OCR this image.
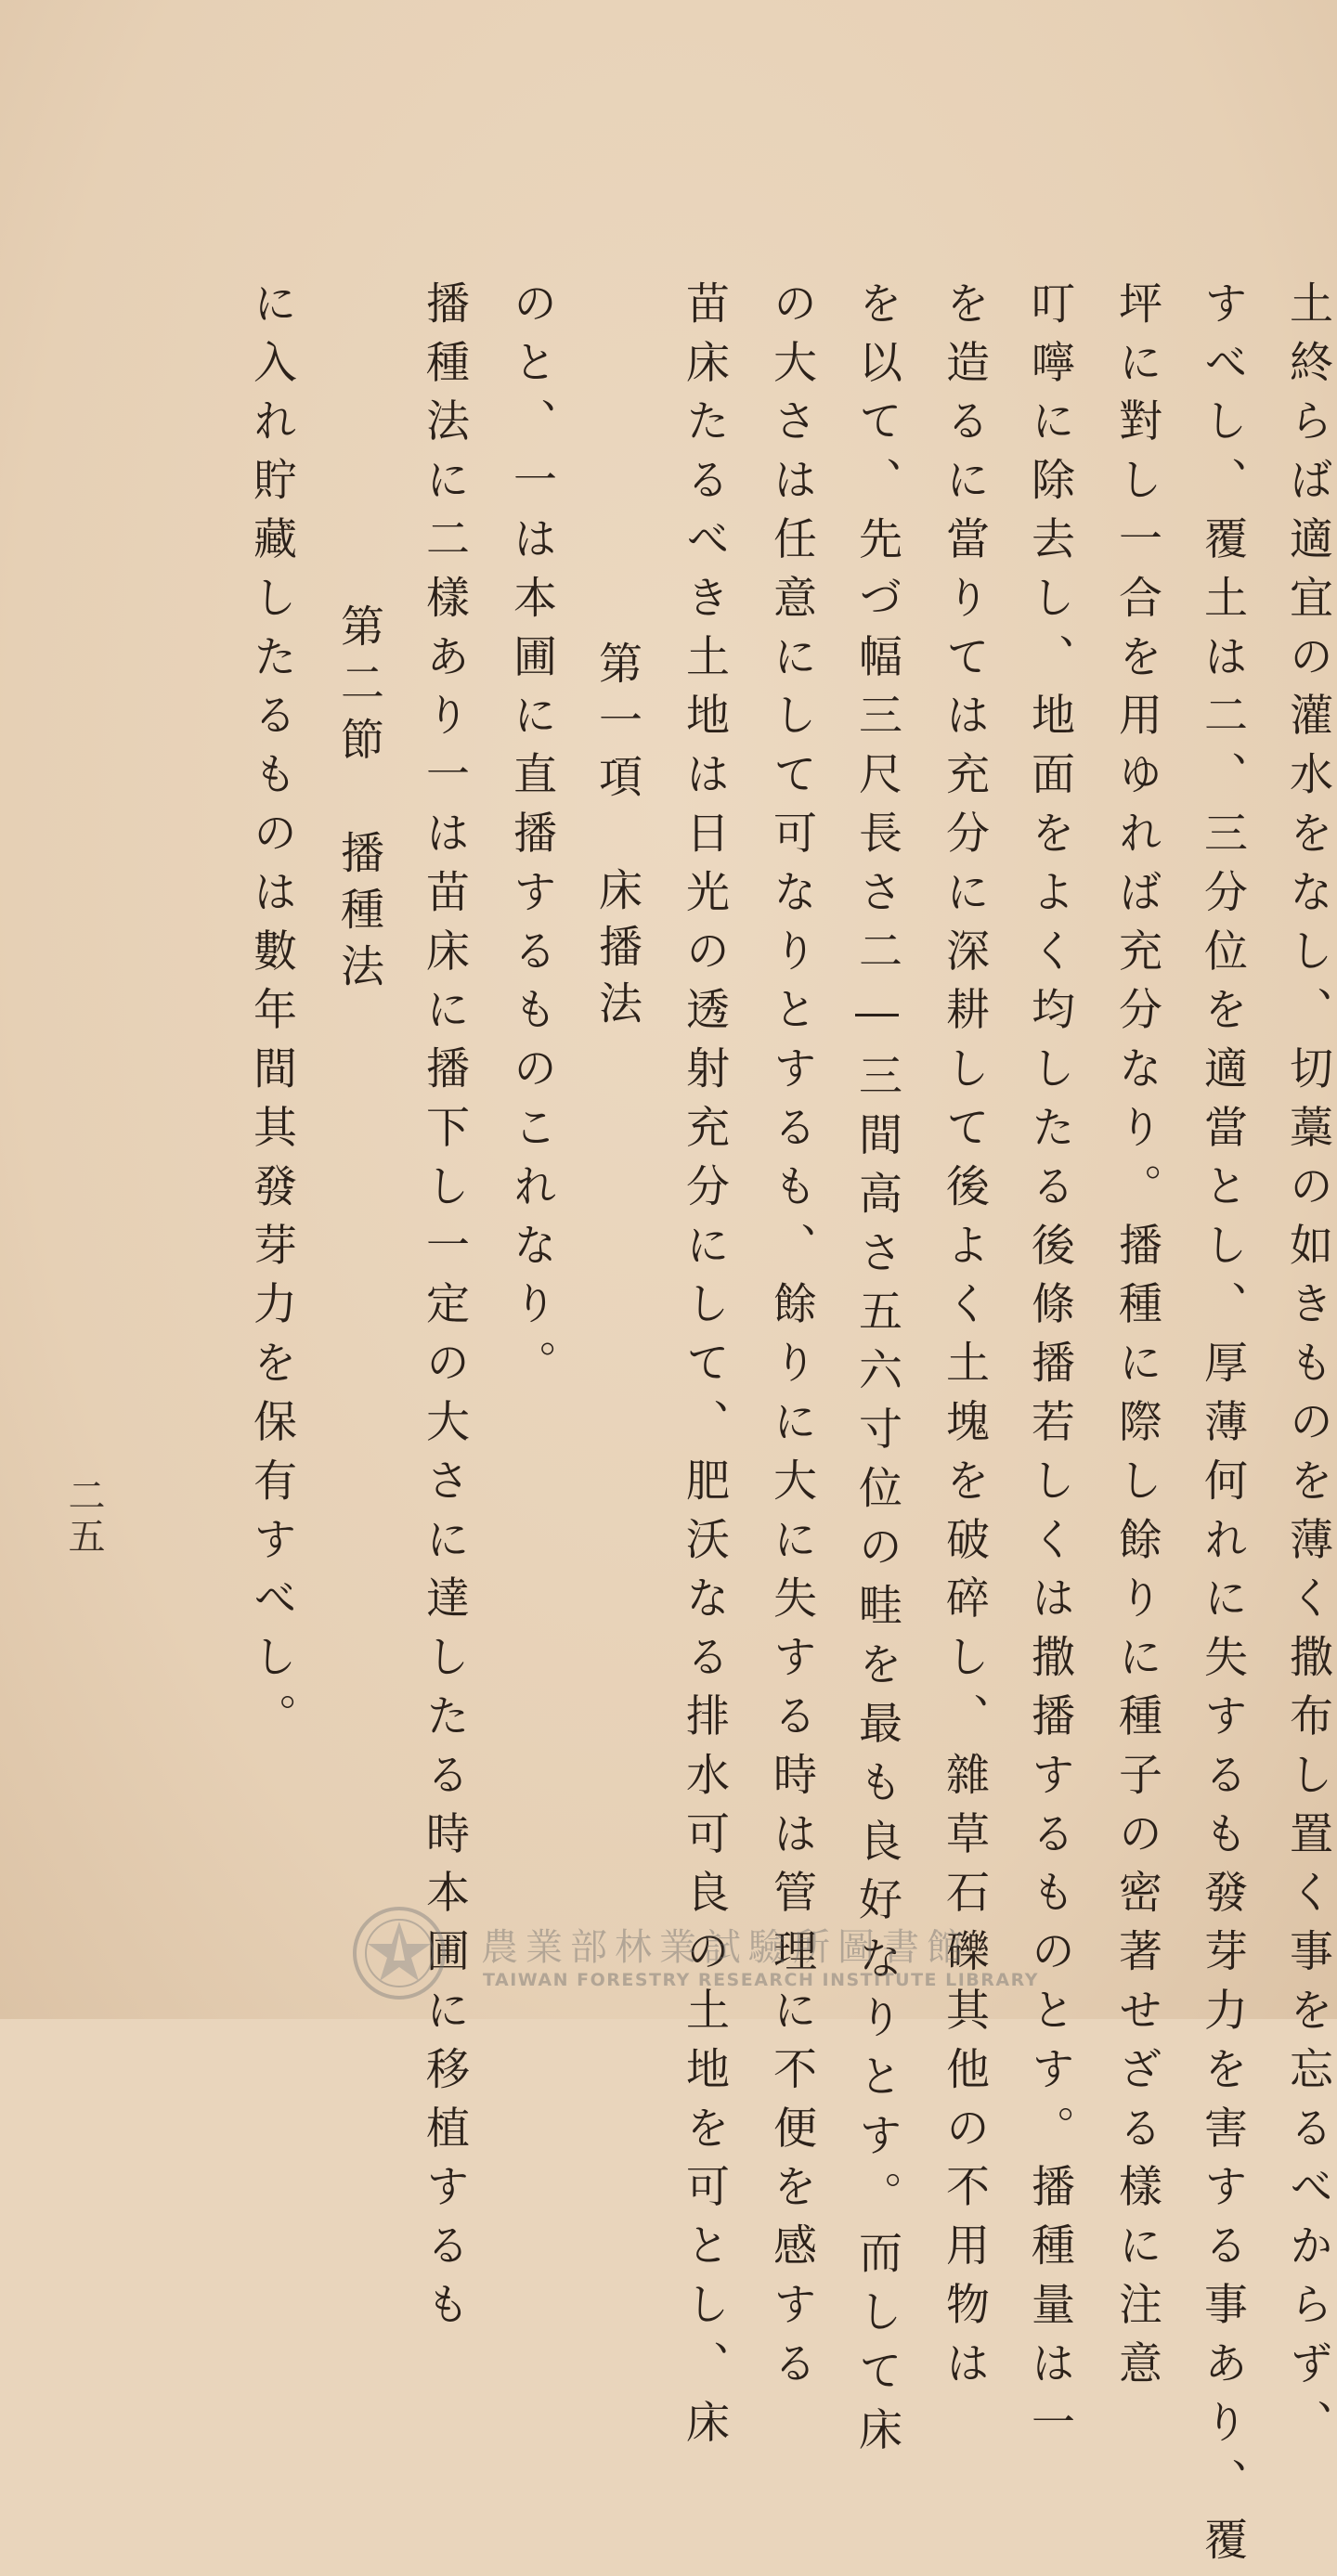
に入れ貯藏したるものは數年間其發芽力を保有すべし。 第二節　播種法 播種法に二樣あり一は苗床に播下し一定の大さに達したる時本圃に移植するも のと、一は本圃に直播するものこれなり。 第一項　床播法 苗床たるべき土地は日光の透射充分にして、肥沃なる排水可良の土地を可とし、床 の大さは任意にして可なりとするも、餘りに大に失する時は管理に不便を感する を以て、先づ幅三尺長さ二―三間高さ五六寸位の畦を最も良好なりとす。而して床 を造るに當りては充分に深耕して後よく土塊を破碎し、雜草石礫其他の不用物は 叮嚀に除去し、地面をよく均したる後條播若しくは撒播するものとす。播種量は一 坪に對し一合を用ゆれば充分なり。播種に際し餘りに種子の密著せざる樣に注意 すべし、覆土は二、三分位を適當とし、厚薄何れに失するも發芽力を害する事あり、覆 土終らば適宜の灌水をなし、切藁の如きものを薄く撒布し置く事を忘るべからず、
二五
農業部林業試驗所圖書館
TAIWAN FORESTRY RESEARCH INSTITUTE LIBRARY
